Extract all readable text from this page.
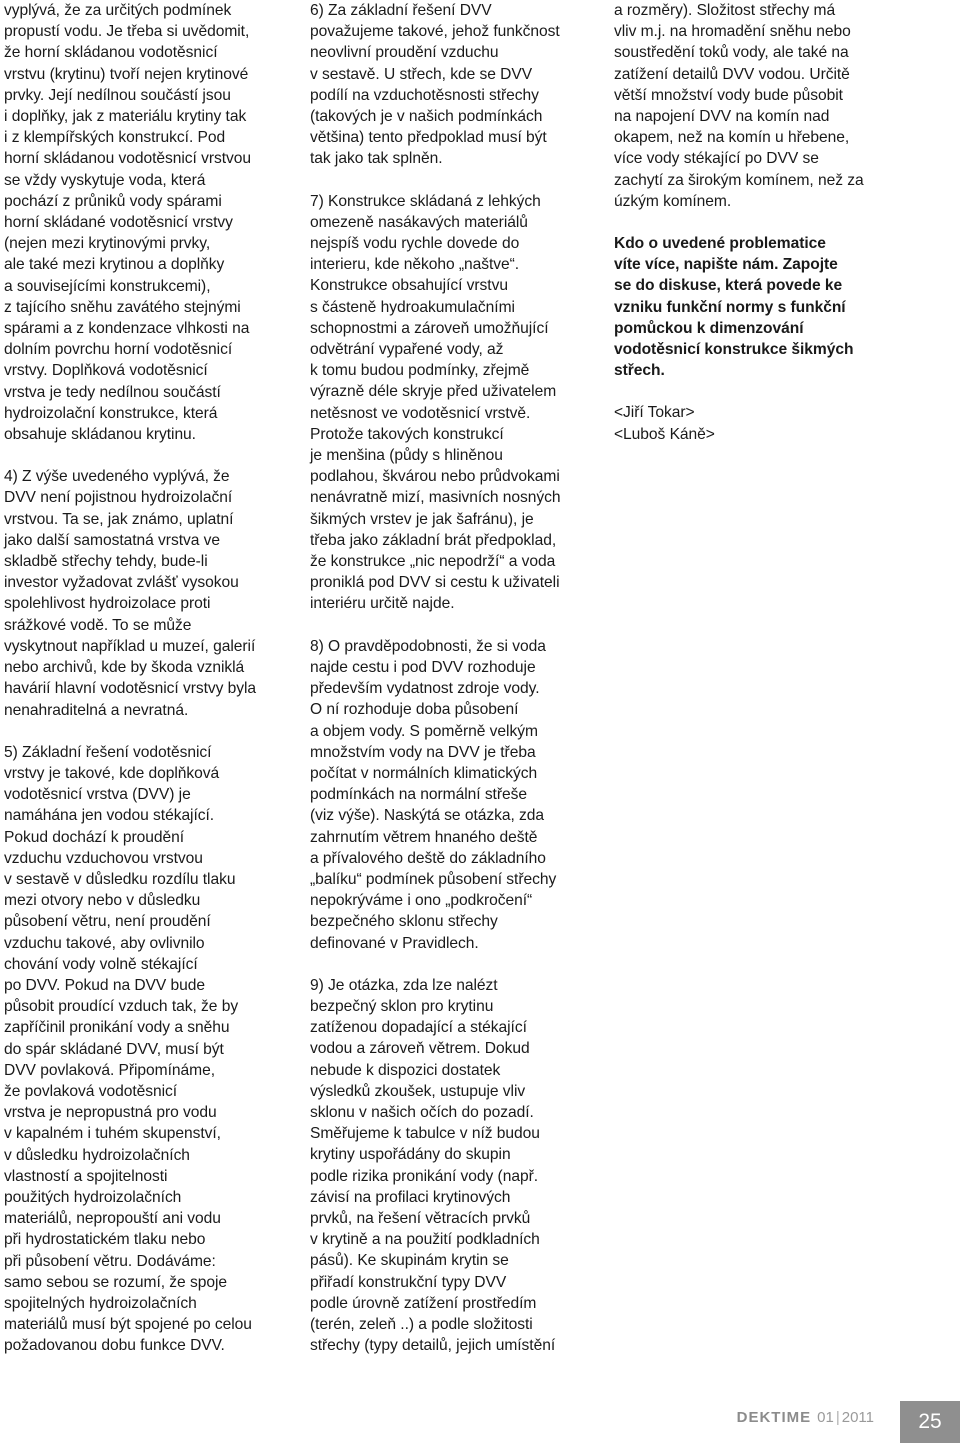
vyplývá, že za určitých podmínek
propustí vodu. Je třeba si uvědomit,
že horní skládanou vodotěsnicí
vrstvu (krytinu) tvoří nejen krytinové
prvky. Její nedílnou součástí jsou
i doplňky, jak z materiálu krytiny tak
i z klempířských konstrukcí. Pod
horní skládanou vodotěsnicí vrstvou
se vždy vyskytuje voda, která
pochází z průniků vody spárami
horní skládané vodotěsnicí vrstvy
(nejen mezi krytinovými prvky,
ale také mezi krytinou a doplňky
a souvisejícími konstrukcemi),
z tajícího sněhu zavátého stejnými
spárami a z kondenzace vlhkosti na
dolním povrchu horní vodotěsnicí
vrstvy. Doplňková vodotěsnicí
vrstva je tedy nedílnou součástí
hydroizolační konstrukce, která
obsahuje skládanou krytinu.

4) Z výše uvedeného vyplývá, že
DVV není pojistnou hydroizolační
vrstvou. Ta se, jak známo, uplatní
jako další samostatná vrstva ve
skladbě střechy tehdy, bude-li
investor vyžadovat zvlášť vysokou
spolehlivost hydroizolace proti
srážkové vodě. To se může
vyskytnout například u muzeí, galerií
nebo archivů, kde by škoda vzniklá
havárií hlavní vodotěsnicí vrstvy byla
nenahraditelná a nevratná.

5) Základní řešení vodotěsnicí
vrstvy je takové, kde doplňková
vodotěsnicí vrstva (DVV) je
namáhána jen vodou stékající.
Pokud dochází k proudění
vzduchu vzduchovou vrstvou
v sestavě v důsledku rozdílu tlaku
mezi otvory nebo v důsledku
působení větru, není proudění
vzduchu takové, aby ovlivnilo
chování vody volně stékající
po DVV. Pokud na DVV bude
působit proudící vzduch tak, že by
zapříčinil pronikání vody a sněhu
do spár skládané DVV, musí být
DVV povlaková. Připomínáme,
že povlaková vodotěsnicí
vrstva je nepropustná pro vodu
v kapalném i tuhém skupenství,
v důsledku hydroizolačních
vlastností a spojitelnosti
použitých hydroizolačních
materiálů, nepropouští ani vodu
při hydrostatickém tlaku nebo
při působení větru. Dodáváme:
samo sebou se rozumí, že spoje
spojitelných hydroizolačních
materiálů musí být spojené po celou
požadovanou dobu funkce DVV.

6) Za základní řešení DVV
považujeme takové, jehož funkčnost
neovlivní proudění vzduchu
v sestavě. U střech, kde se DVV
podílí na vzduchotěsnosti střechy
(takových je v našich podmínkách
většina) tento předpoklad musí být
tak jako tak splněn.

7) Konstrukce skládaná z lehkých
omezeně nasákavých materiálů
nejspíš vodu rychle dovede do
interieru, kde někoho „naštve“.
Konstrukce obsahující vrstvu
s částeně hydroakumulačními
schopnostmi a zároveň umožňující
odvětrání vypařené vody, až
k tomu budou podmínky, zřejmě
výrazně déle skryje před uživatelem
netěsnost ve vodotěsnicí vrstvě.
Protože takových konstrukcí
je menšina (půdy s hliněnou
podlahou, škvárou nebo průdvokami
nenávratně mizí, masivních nosných
šikmých vrstev je jak šafránu), je
třeba jako základní brát předpoklad,
že konstrukce „nic nepodrží“ a voda
proniklá pod DVV si cestu k uživateli
interiéru určitě najde.

8) O pravděpodobnosti, že si voda
najde cestu i pod DVV rozhoduje
především vydatnost zdroje vody.
O ní rozhoduje doba působení
a objem vody. S poměrně velkým
množstvím vody na DVV je třeba
počítat v normálních klimatických
podmínkách na normální střeše
(viz výše). Naskýtá se otázka, zda
zahrnutím větrem hnaného deště
a přívalového deště do základního
„balíku“ podmínek působení střechy
nepokrýváme i ono „podkročení“
bezpečného sklonu střechy
definované v Pravidlech.

9) Je otázka, zda lze nalézt
bezpečný sklon pro krytinu
zatíženou dopadající a stékající
vodou a zároveň větrem. Dokud
nebude k dispozici dostatek
výsledků zkoušek, ustupuje vliv
sklonu v našich očích do pozadí.
Směřujeme k tabulce v níž budou
krytiny uspořádány do skupin
podle rizika pronikání vody (např.
závisí na profilaci krytinových
prvků, na řešení větracích prvků
v krytině a na použití podkladních
pásů). Ke skupinám krytin se
přiřadí konstrukční typy DVV
podle úrovně zatížení prostředím
(terén, zeleň ..) a podle složitosti
střechy (typy detailů, jejich umístění

a rozměry). Složitost střechy má
vliv m.j. na hromadění sněhu nebo
soustředění toků vody, ale také na
zatížení detailů DVV vodou. Určitě
větší množství vody bude působit
na napojení DVV na komín nad
okapem, než na komín u hřebene,
více vody stékající po DVV se
zachytí za širokým komínem, než za
úzkým komínem.

Kdo o uvedené problematice
víte více, napište nám. Zapojte
se do diskuse, která povede ke
vzniku funkční normy s funkční
pomůckou k dimenzování
vodotěsnicí konstrukce šikmých
střech.

<Jiří Tokar>

<Luboš Káně>

DEKTIME 01 | 2011	25
